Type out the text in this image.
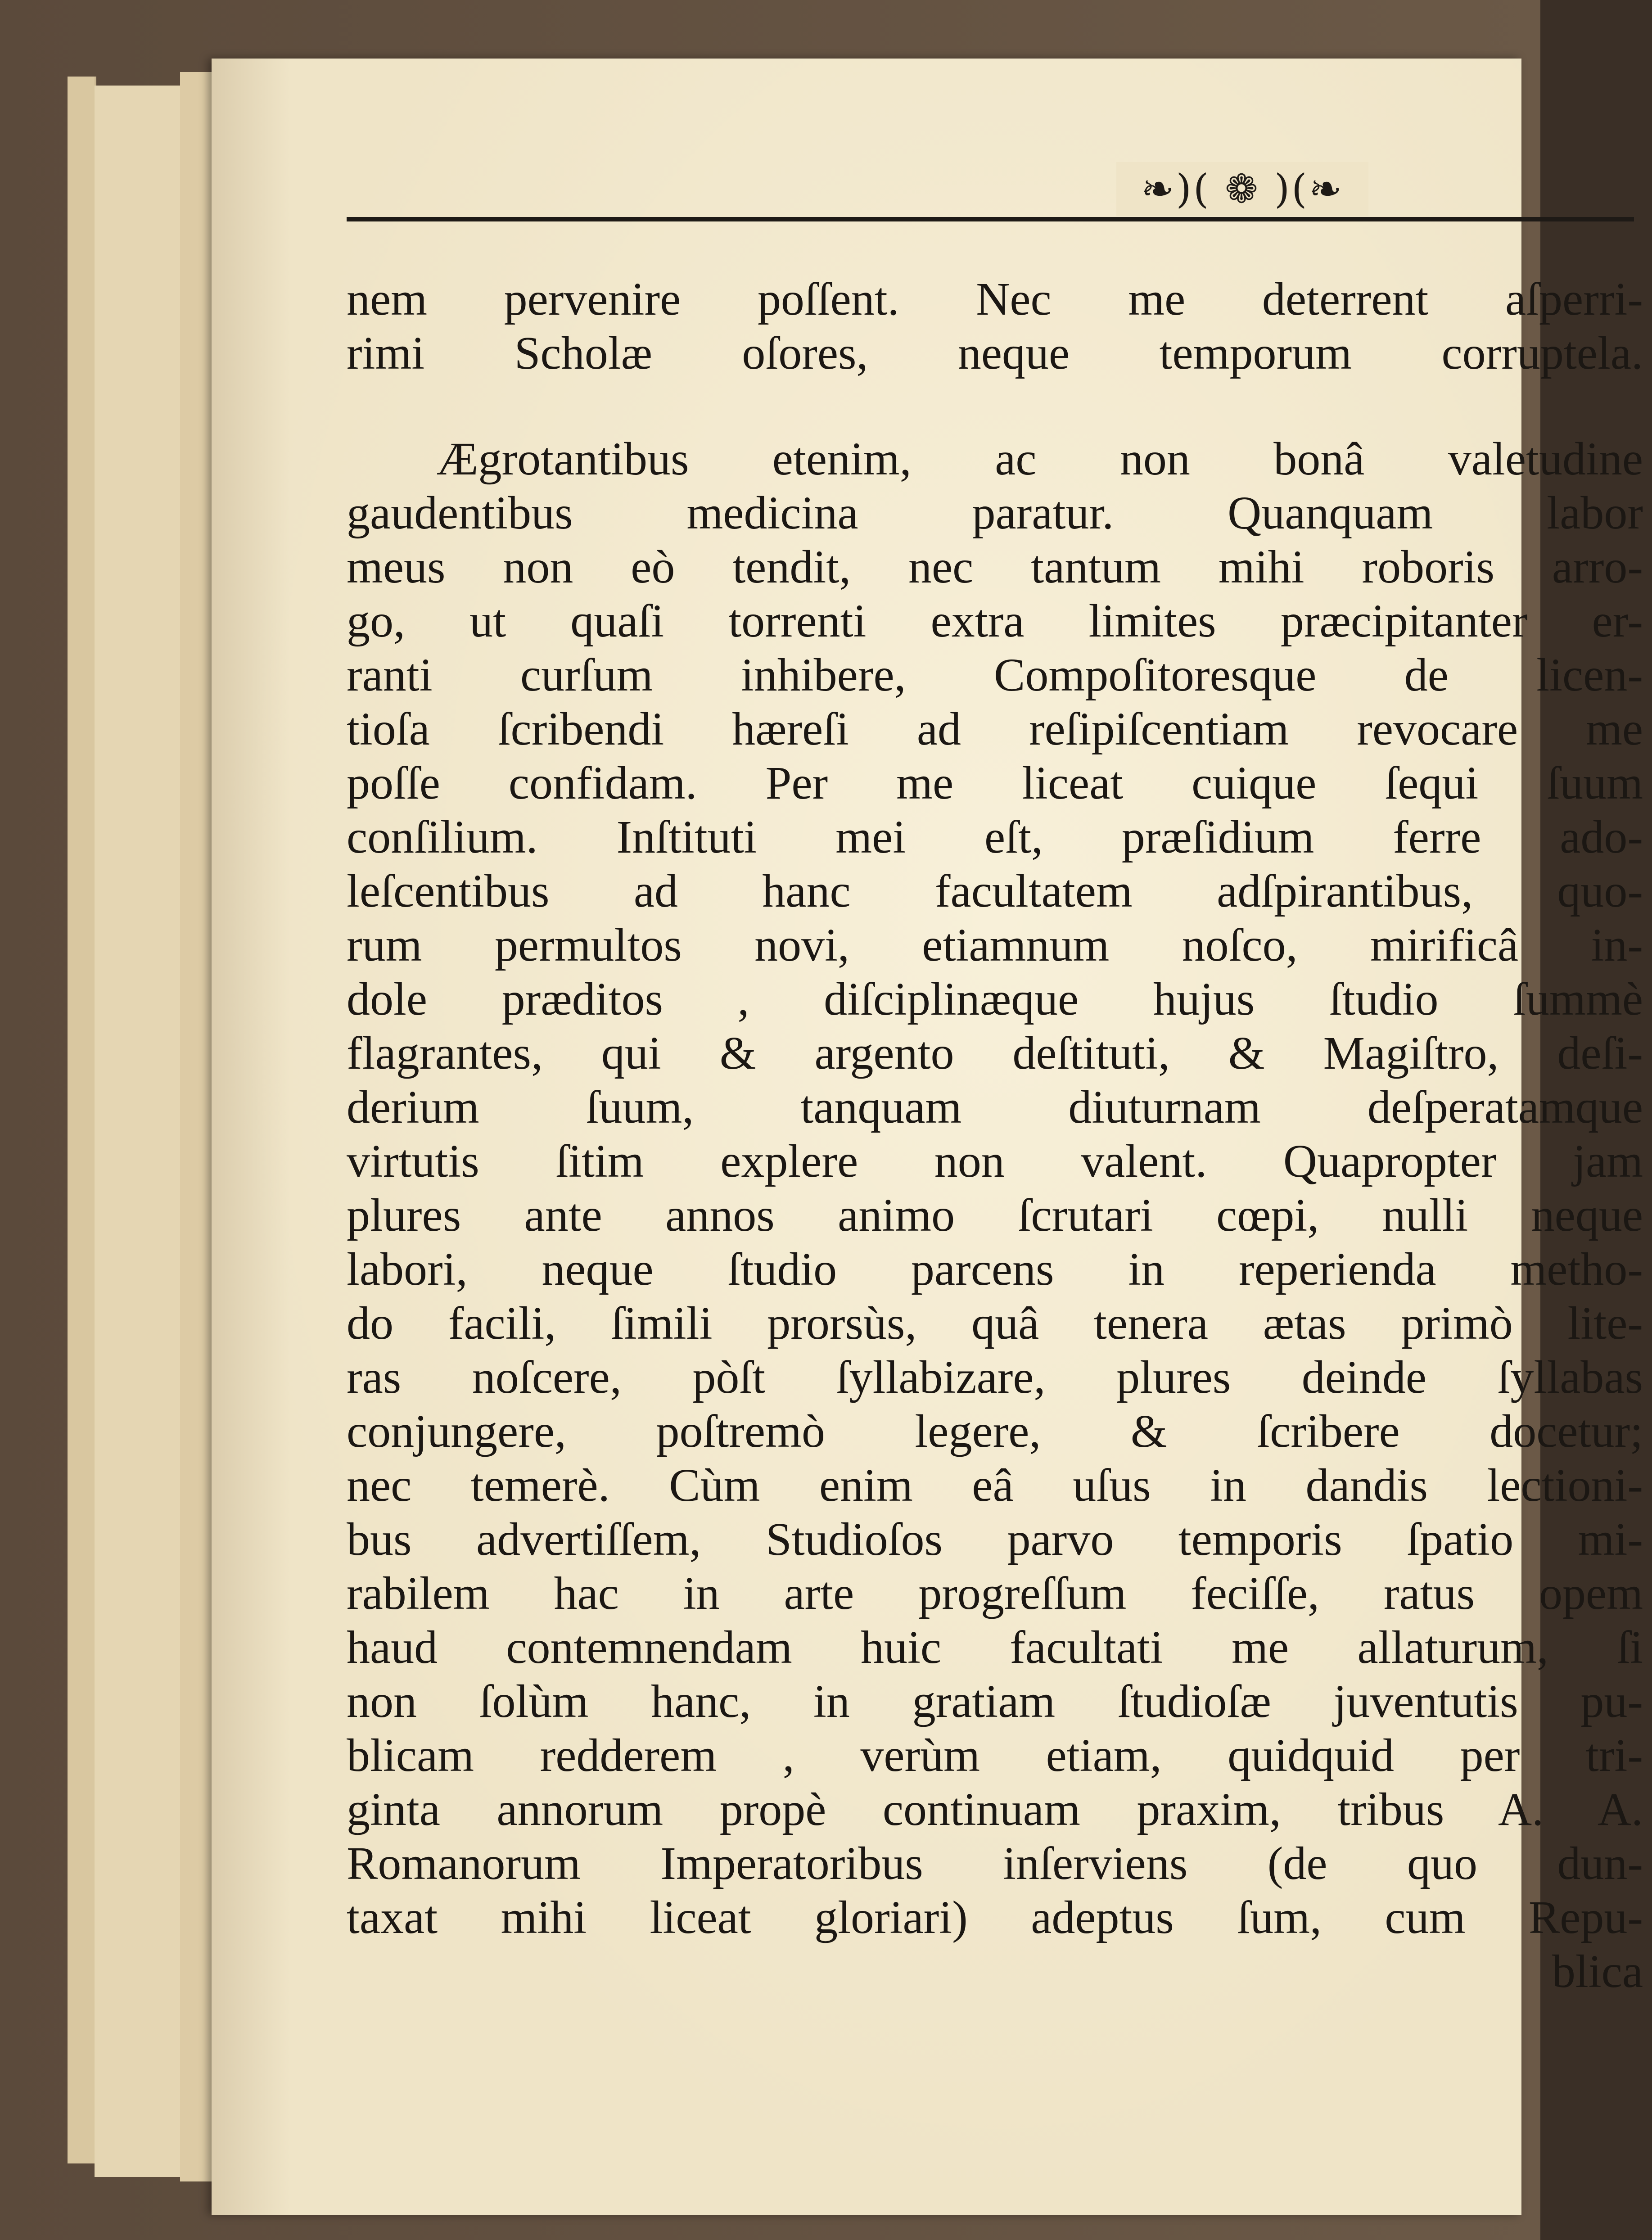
❧)( ❁ )(❧
nem pervenire poſſent. Nec me deterrent aſperri-
rimi Scholæ oſores, neque temporum corruptela.
Ægrotantibus etenim, ac non bonâ valetudine
gaudentibus medicina paratur. Quanquam labor
meus non eò tendit, nec tantum mihi roboris arro-
go, ut quaſi torrenti extra limites præcipitanter er-
ranti curſum inhibere, Compoſitoresque de licen-
tioſa ſcribendi hæreſi ad reſipiſcentiam revocare me
poſſe confidam. Per me liceat cuique ſequi ſuum
conſilium. Inſtituti mei eſt, præſidium ferre ado-
leſcentibus ad hanc facultatem adſpirantibus, quo-
rum permultos novi, etiamnum noſco, mirificâ in-
dole præditos , diſciplinæque hujus ſtudio ſummè
flagrantes, qui & argento deſtituti, & Magiſtro, deſi-
derium ſuum, tanquam diuturnam deſperatamque
virtutis ſitim explere non valent. Quapropter jam
plures ante annos animo ſcrutari cœpi, nulli neque
labori, neque ſtudio parcens in reperienda metho-
do facili, ſimili prorsùs, quâ tenera ætas primò lite-
ras noſcere, pòſt ſyllabizare, plures deinde ſyllabas
conjungere, poſtremò legere, & ſcribere docetur;
nec temerè. Cùm enim eâ uſus in dandis lectioni-
bus advertiſſem, Studioſos parvo temporis ſpatio mi-
rabilem hac in arte progreſſum feciſſe, ratus opem
haud contemnendam huic facultati me allaturum, ſi
non ſolùm hanc, in gratiam ſtudioſæ juventutis pu-
blicam redderem , verùm etiam, quidquid per tri-
ginta annorum propè continuam praxim, tribus A. A.
Romanorum Imperatoribus inſerviens (de quo dun-
taxat mihi liceat gloriari) adeptus ſum, cum Repu-
blica
